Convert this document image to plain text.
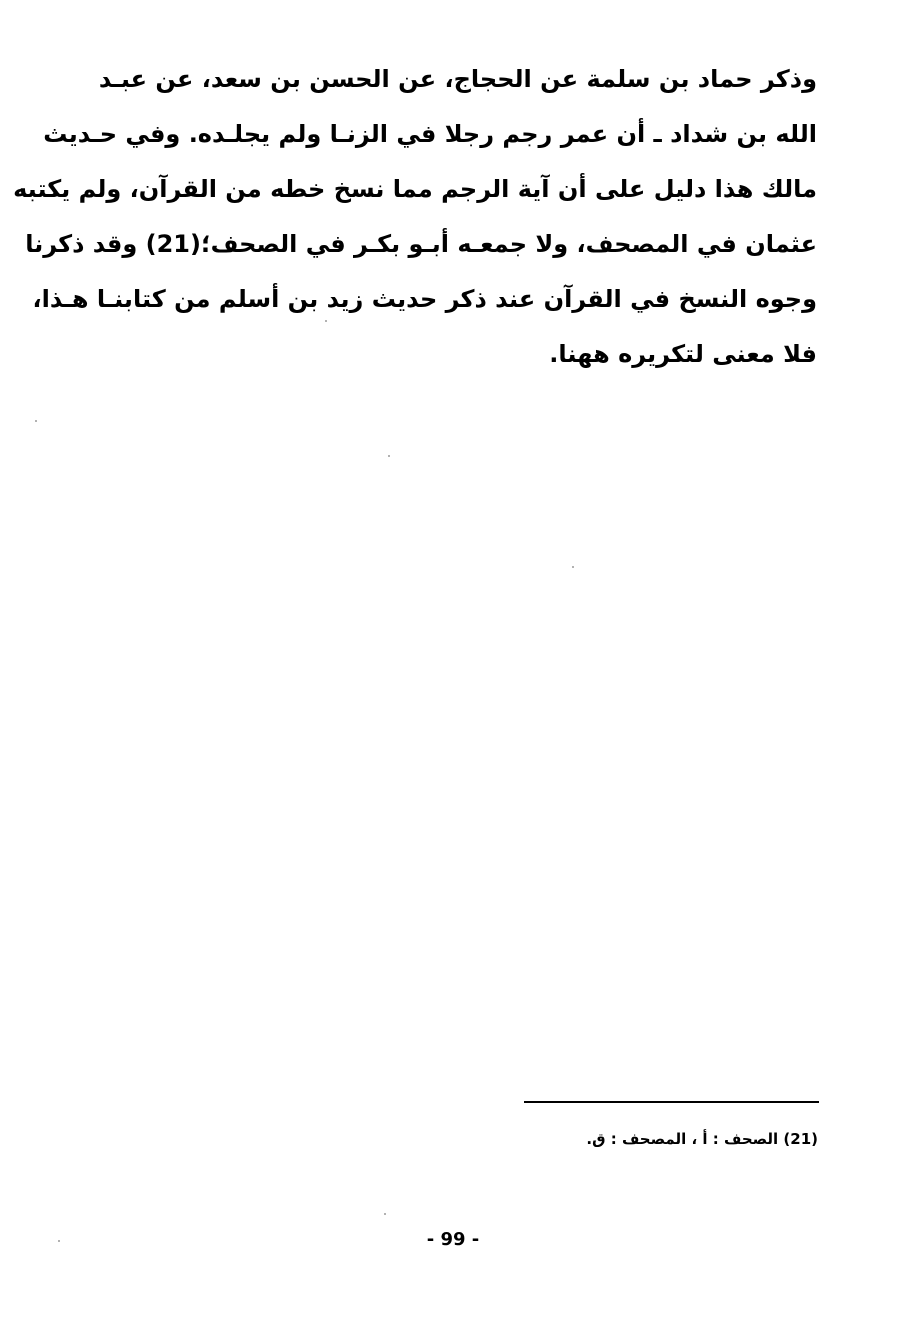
وذكر حماد بن سلمة عن الحجاج، عن الحسن بن سعد، عن عبـد
الله بن شداد ـ أن عمر رجم رجلا في الزنـا ولم يجلـده. وفي حـديث
مالك هذا دليل على أن آية الرجم مما نسخ خطه من القرآن، ولم يكتبه
عثمان في المصحف، ولا جمعـه أبـو بكـر في الصحف؛(21) وقد ذكرنا
وجوه النسخ في القرآن عند ذكر حديث زيد بن أسلم من كتابنـا هـذا،
فلا معنى لتكريره ههنا.
(21) الصحف : أ ، المصحف : ق.
- 99 -
